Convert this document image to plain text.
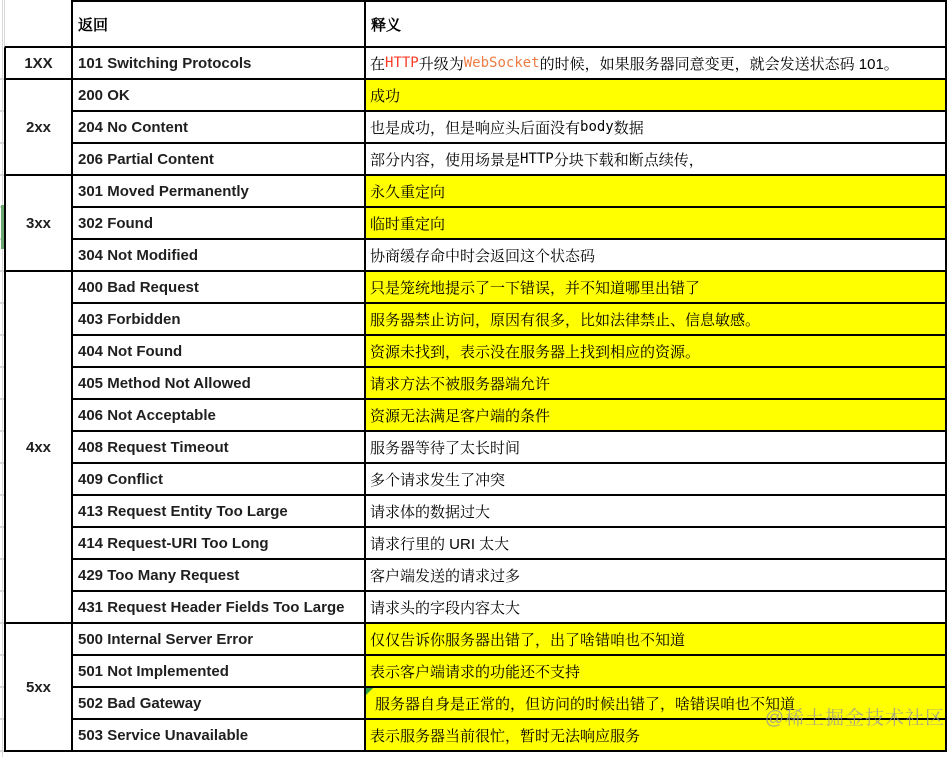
返回	释义
1XX	101 Switching Protocols	在 HTTP 升级为 WebSocket 的时候，如果服务器同意变更，就会发送状态码 101。
2xx
200 OK	成功
204 No Content	也是成功，但是响应头后面没有 body 数据
206 Partial Content	部分内容，使用场景是 HTTP 分块下载和断点续传，
3xx
301 Moved Permanently	永久重定向
302 Found	临时重定向
304 Not Modified	协商缓存命中时会返回这个状态码
4xx
400 Bad Request	只是笼统地提示了一下错误，并不知道哪里出错了
403 Forbidden	服务器禁止访问，原因有很多，比如法律禁止、信息敏感。
404 Not Found	资源未找到，表示没在服务器上找到相应的资源。
405 Method Not Allowed	请求方法不被服务器端允许
406 Not Acceptable	资源无法满足客户端的条件
408 Request Timeout	服务器等待了太长时间
409 Conflict	多个请求发生了冲突
413 Request Entity Too Large	请求体的数据过大
414 Request-URI Too Long	请求行里的 URI 太大
429 Too Many Request	客户端发送的请求过多
431 Request Header Fields Too Large	请求头的字段内容太大
5xx
500 Internal Server Error	仅仅告诉你服务器出错了，出了啥错咱也不知道
501 Not Implemented	表示客户端请求的功能还不支持
502 Bad Gateway	服务器自身是正常的，但访问的时候出错了，啥错误咱也不知道
503 Service Unavailable	表示服务器当前很忙，暂时无法响应服务
@稀土掘金技术社区
